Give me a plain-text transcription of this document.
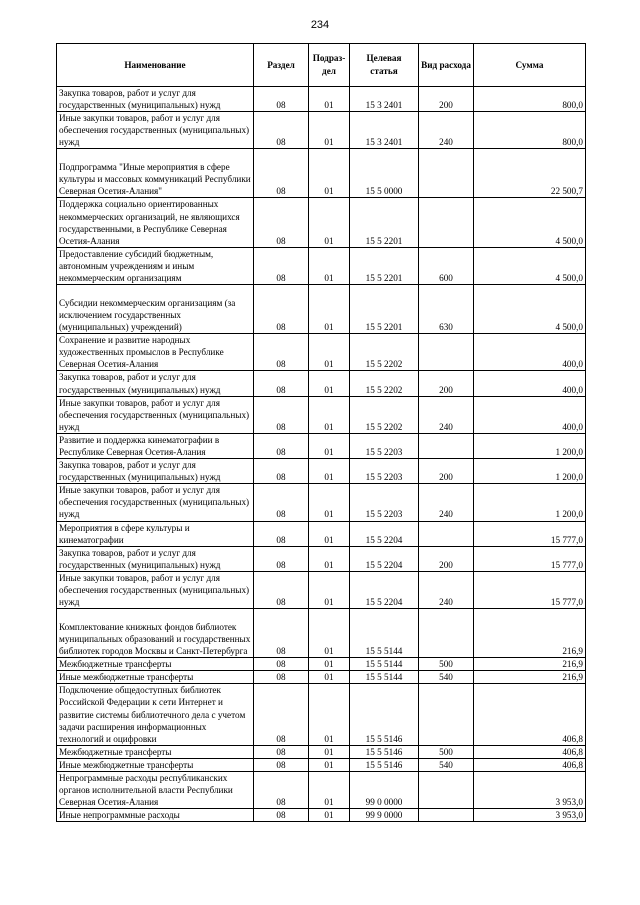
234
Наименование	Раздел	Подраз-дел	Целевая статья	Вид расхода	Сумма
Закупка товаров, работ и услуг для государственных (муниципальных) нужд	08	01	15 3 2401	200	800,0
Иные закупки товаров, работ и услуг для обеспечения государственных (муниципальных) нужд	08	01	15 3 2401	240	800,0
Подпрограмма "Иные мероприятия в сфере культуры и массовых коммуникаций Республики Северная Осетия-Алания"	08	01	15 5 0000		22 500,7
Поддержка социально ориентированных некоммерческих организаций, не являющихся государственными, в Республике Северная Осетия-Алания	08	01	15 5 2201		4 500,0
Предоставление субсидий бюджетным, автономным учреждениям и иным некоммерческим организациям	08	01	15 5 2201	600	4 500,0
Субсидии некоммерческим организациям (за исключением государственных (муниципальных) учреждений)	08	01	15 5 2201	630	4 500,0
Сохранение и развитие народных художественных промыслов в Республике Северная Осетия-Алания	08	01	15 5 2202		400,0
Закупка товаров, работ и услуг для государственных (муниципальных) нужд	08	01	15 5 2202	200	400,0
Иные закупки товаров, работ и услуг для обеспечения государственных (муниципальных) нужд	08	01	15 5 2202	240	400,0
Развитие и поддержка кинематографии в Республике Северная Осетия-Алания	08	01	15 5 2203		1 200,0
Закупка товаров, работ и услуг для государственных (муниципальных) нужд	08	01	15 5 2203	200	1 200,0
Иные закупки товаров, работ и услуг для обеспечения государственных (муниципальных) нужд	08	01	15 5 2203	240	1 200,0
Мероприятия в сфере культуры и кинематографии	08	01	15 5 2204		15 777,0
Закупка товаров, работ и услуг для государственных (муниципальных) нужд	08	01	15 5 2204	200	15 777,0
Иные закупки товаров, работ и услуг для обеспечения государственных (муниципальных) нужд	08	01	15 5 2204	240	15 777,0
Комплектование книжных фондов библиотек муниципальных образований и государственных библиотек городов Москвы и Санкт-Петербурга	08	01	15 5 5144		216,9
Межбюджетные трансферты	08	01	15 5 5144	500	216,9
Иные межбюджетные трансферты	08	01	15 5 5144	540	216,9
Подключение общедоступных библиотек Российской Федерации к сети Интернет и развитие системы библиотечного дела с учетом задачи расширения информационных технологий и оцифровки	08	01	15 5 5146		406,8
Межбюджетные трансферты	08	01	15 5 5146	500	406,8
Иные межбюджетные трансферты	08	01	15 5 5146	540	406,8
Непрограммные расходы республиканских органов исполнительной власти Республики Северная Осетия-Алания	08	01	99 0 0000		3 953,0
Иные непрограммные расходы	08	01	99 9 0000		3 953,0
